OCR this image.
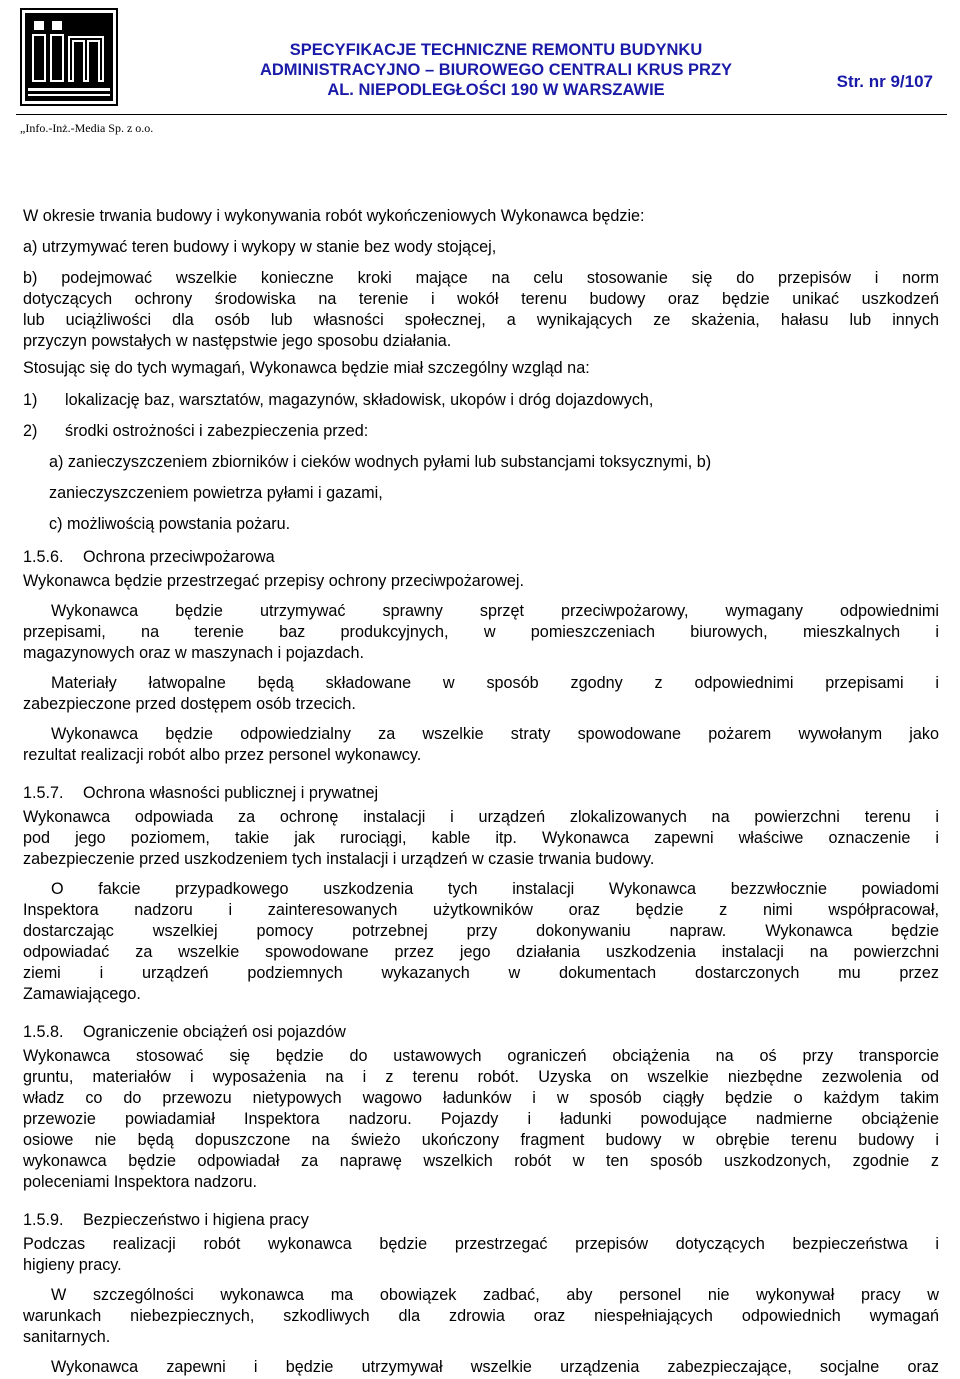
SPECYFIKACJE TECHNICZNE REMONTU BUDYNKU
ADMINISTRACYJNO – BIUROWEGO CENTRALI KRUS PRZY
AL. NIEPODLEGŁOŚCI 190 W WARSZAWIE	Str. nr 9/107
„Info.-Inż.-Media Sp. z o.o.

W okresie trwania budowy i wykonywania robót wykończeniowych Wykonawca będzie:

a) utrzymywać teren budowy i wykopy w stanie bez wody stojącej,

b) podejmować wszelkie konieczne kroki mające na celu stosowanie się do przepisów i norm

dotyczących ochrony środowiska na terenie i wokół terenu budowy oraz będzie unikać uszkodzeń

lub uciążliwości dla osób lub własności społecznej, a wynikających ze skażenia, hałasu lub innych

przyczyn powstałych w następstwie jego sposobu działania.

Stosując się do tych wymagań, Wykonawca będzie miał szczególny wzgląd na:

1) lokalizację baz, warsztatów, magazynów, składowisk, ukopów i dróg dojazdowych,

2) środki ostrożności i zabezpieczenia przed:

a) zanieczyszczeniem zbiorników i cieków wodnych pyłami lub substancjami toksycznymi, b)

zanieczyszczeniem powietrza pyłami i gazami,

c) możliwością powstania pożaru.

1.5.6. Ochrona przeciwpożarowa

Wykonawca będzie przestrzegać przepisy ochrony przeciwpożarowej.

Wykonawca będzie utrzymywać sprawny sprzęt przeciwpożarowy, wymagany odpowiednimi

przepisami, na terenie baz produkcyjnych, w pomieszczeniach biurowych, mieszkalnych i

magazynowych oraz w maszynach i pojazdach.

Materiały łatwopalne będą składowane w sposób zgodny z odpowiednimi przepisami i

zabezpieczone przed dostępem osób trzecich.

Wykonawca będzie odpowiedzialny za wszelkie straty spowodowane pożarem wywołanym jako

rezultat realizacji robót albo przez personel wykonawcy.

1.5.7. Ochrona własności publicznej i prywatnej

Wykonawca odpowiada za ochronę instalacji i urządzeń zlokalizowanych na powierzchni terenu i

pod jego poziomem, takie jak rurociągi, kable itp. Wykonawca zapewni właściwe oznaczenie i

zabezpieczenie przed uszkodzeniem tych instalacji i urządzeń w czasie trwania budowy.

O fakcie przypadkowego uszkodzenia tych instalacji Wykonawca bezzwłocznie powiadomi

Inspektora nadzoru i zainteresowanych użytkowników oraz będzie z nimi współpracował,

dostarczając wszelkiej pomocy potrzebnej przy dokonywaniu napraw. Wykonawca będzie

odpowiadać za wszelkie spowodowane przez jego działania uszkodzenia instalacji na powierzchni

ziemi i urządzeń podziemnych wykazanych w dokumentach dostarczonych mu przez

Zamawiającego.

1.5.8. Ograniczenie obciążeń osi pojazdów

Wykonawca stosować się będzie do ustawowych ograniczeń obciążenia na oś przy transporcie

gruntu, materiałów i wyposażenia na i z terenu robót. Uzyska on wszelkie niezbędne zezwolenia od

władz co do przewozu nietypowych wagowo ładunków i w sposób ciągły będzie o każdym takim

przewozie powiadamiał Inspektora nadzoru. Pojazdy i ładunki powodujące nadmierne obciążenie

osiowe nie będą dopuszczone na świeżo ukończony fragment budowy w obrębie terenu budowy i

wykonawca będzie odpowiadał za naprawę wszelkich robót w ten sposób uszkodzonych, zgodnie z

poleceniami Inspektora nadzoru.

1.5.9. Bezpieczeństwo i higiena pracy

Podczas realizacji robót wykonawca będzie przestrzegać przepisów dotyczących bezpieczeństwa i

higieny pracy.

W szczególności wykonawca ma obowiązek zadbać, aby personel nie wykonywał pracy w

warunkach niebezpiecznych, szkodliwych dla zdrowia oraz niespełniających odpowiednich wymagań

sanitarnych.

Wykonawca zapewni i będzie utrzymywał wszelkie urządzenia zabezpieczające, socjalne oraz
